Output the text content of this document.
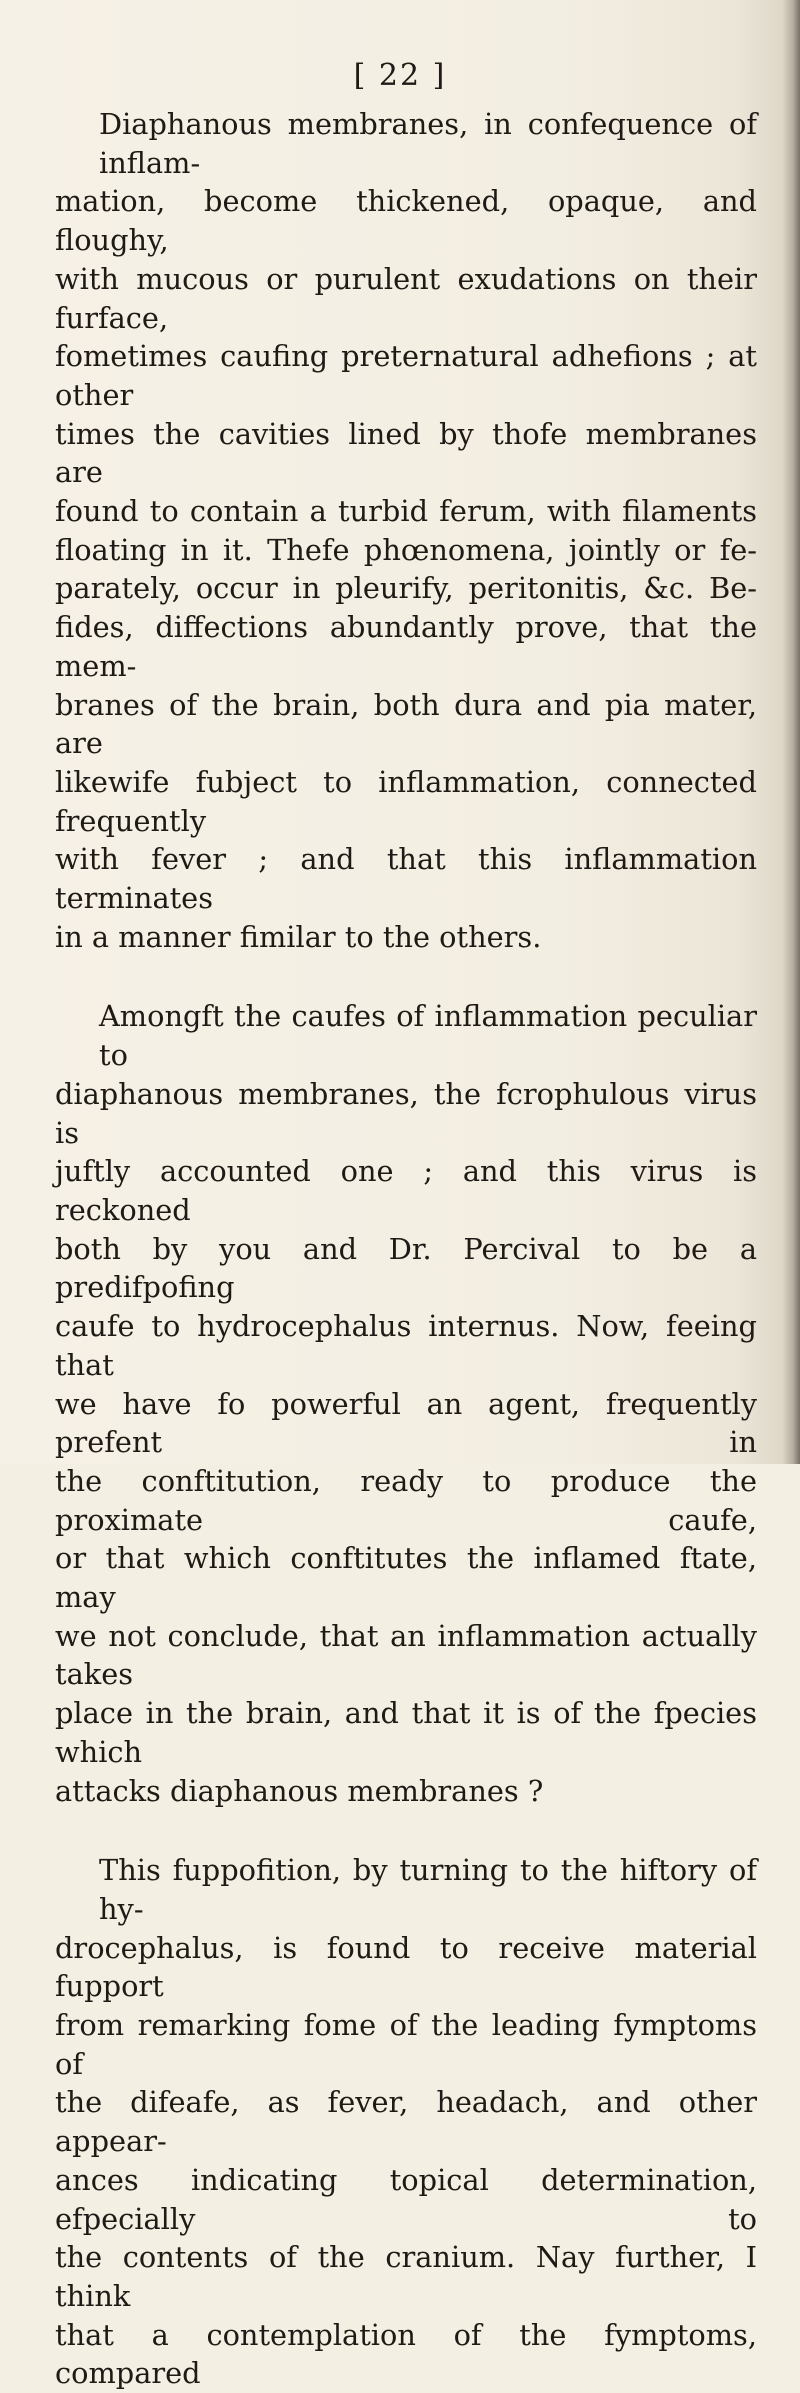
[ 22 ]

Diaphanous membranes, in confequence of inflam-
mation, become thickened, opaque, and floughy,
with mucous or purulent exudations on their furface,
fometimes caufing preternatural adhefions ; at other
times the cavities lined by thofe membranes are
found to contain a turbid ferum, with filaments
floating in it. Thefe phœnomena, jointly or fe-
parately, occur in pleurify, peritonitis, &c. Be-
fides, diffections abundantly prove, that the mem-
branes of the brain, both dura and pia mater, are
likewife fubject to inflammation, connected frequently
with fever ; and that this inflammation terminates
in a manner fimilar to the others.

Amongft the caufes of inflammation peculiar to
diaphanous membranes, the fcrophulous virus is
juftly accounted one ; and this virus is reckoned
both by you and Dr. Percival to be a predifpofing
caufe to hydrocephalus internus. Now, feeing that
we have fo powerful an agent, frequently prefent in
the conftitution, ready to produce the proximate caufe,
or that which conftitutes the inflamed ftate, may
we not conclude, that an inflammation actually takes
place in the brain, and that it is of the fpecies which
attacks diaphanous membranes ?

This fuppofition, by turning to the hiftory of hy-
drocephalus, is found to receive material fupport
from remarking fome of the leading fymptoms of
the difeafe, as fever, headach, and other appear-
ances indicating topical determination, efpecially to
the contents of the cranium. Nay further, I think
that a contemplation of the fymptoms, compared
